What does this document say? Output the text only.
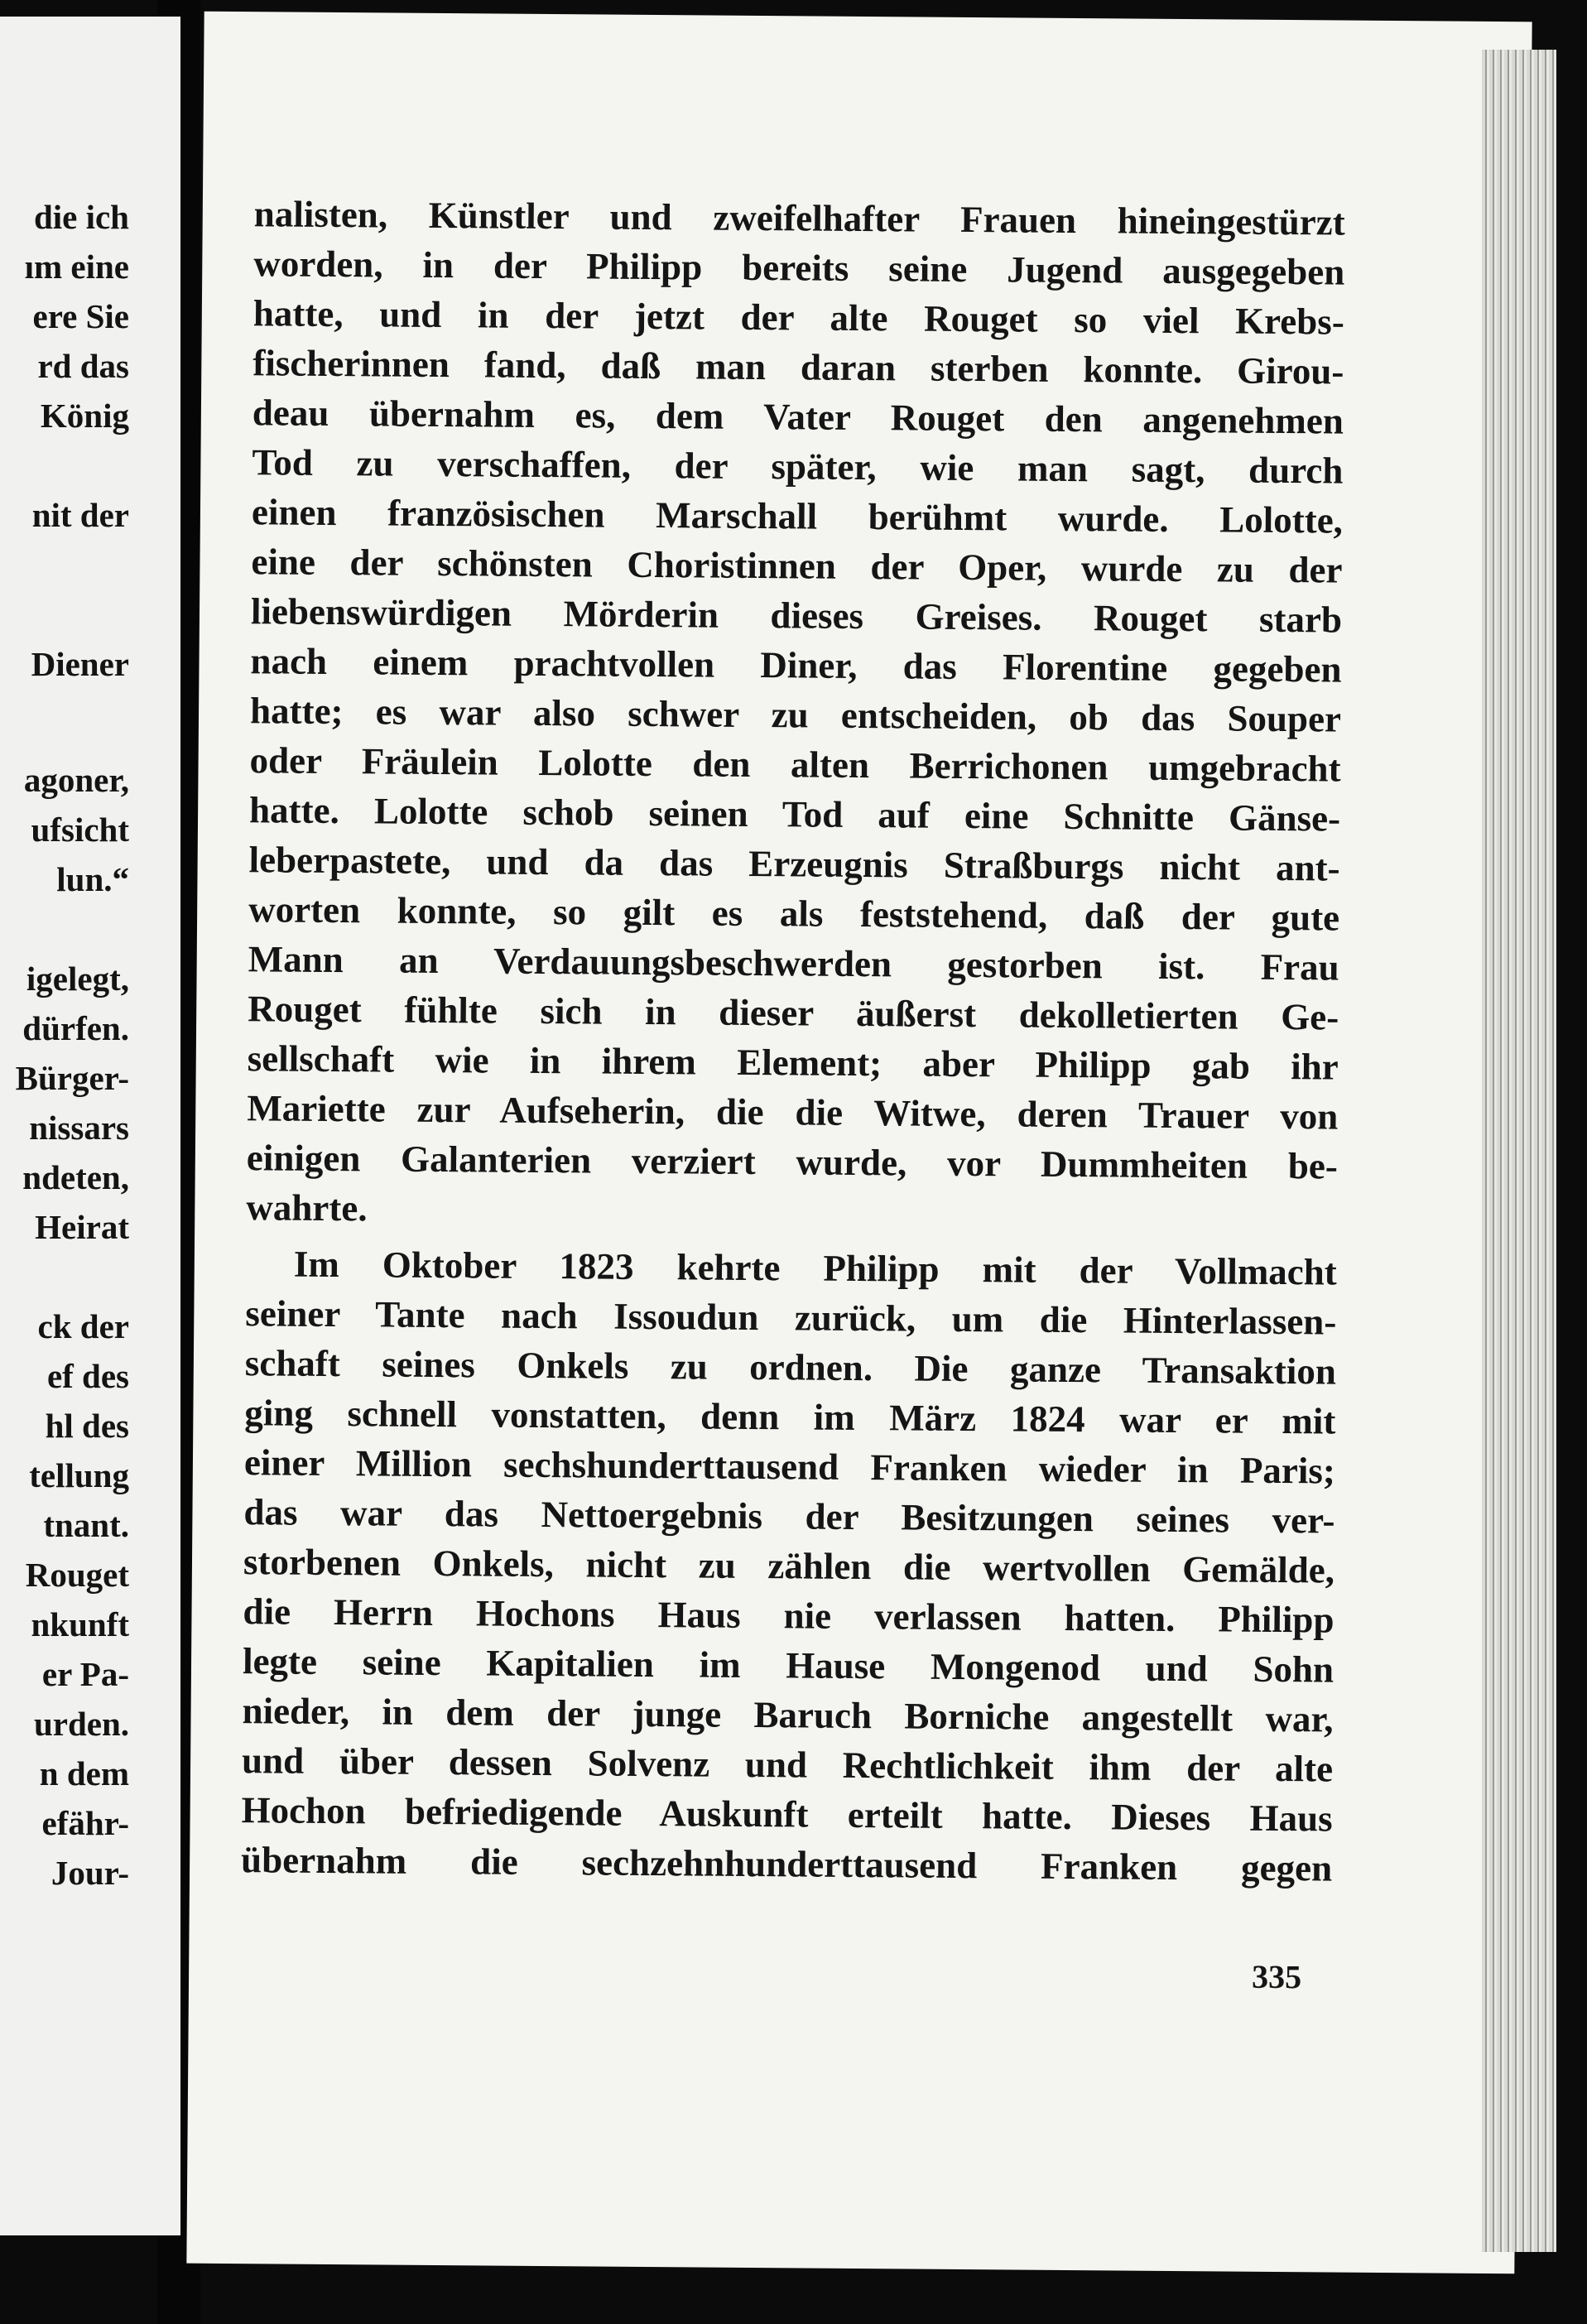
die ich
ım eine
ere Sie
rd das
König
nit der
Diener
agoner,
ufsicht
lun.“
igelegt,
dürfen.
Bürger-
nissars
ndeten,
Heirat
ck der
ef des
hl des
tellung
tnant.
Rouget
nkunft
er Pa-
urden.
n dem
efähr-
Jour-
nalisten, Künstler und zweifelhafter Frauen hineingestürzt
worden, in der Philipp bereits seine Jugend ausgegeben
hatte, und in der jetzt der alte Rouget so viel Krebs-
fischerinnen fand, daß man daran sterben konnte. Girou-
deau übernahm es, dem Vater Rouget den angenehmen
Tod zu verschaffen, der später, wie man sagt, durch
einen französischen Marschall berühmt wurde. Lolotte,
eine der schönsten Choristinnen der Oper, wurde zu der
liebenswürdigen Mörderin dieses Greises. Rouget starb
nach einem prachtvollen Diner, das Florentine gegeben
hatte; es war also schwer zu entscheiden, ob das Souper
oder Fräulein Lolotte den alten Berrichonen umgebracht
hatte. Lolotte schob seinen Tod auf eine Schnitte Gänse-
leberpastete, und da das Erzeugnis Straßburgs nicht ant-
worten konnte, so gilt es als feststehend, daß der gute
Mann an Verdauungsbeschwerden gestorben ist. Frau
Rouget fühlte sich in dieser äußerst dekolletierten Ge-
sellschaft wie in ihrem Element; aber Philipp gab ihr
Mariette zur Aufseherin, die die Witwe, deren Trauer von
einigen Galanterien verziert wurde, vor Dummheiten be-
wahrte.
Im Oktober 1823 kehrte Philipp mit der Vollmacht
seiner Tante nach Issoudun zurück, um die Hinterlassen-
schaft seines Onkels zu ordnen. Die ganze Transaktion
ging schnell vonstatten, denn im März 1824 war er mit
einer Million sechshunderttausend Franken wieder in Paris;
das war das Nettoergebnis der Besitzungen seines ver-
storbenen Onkels, nicht zu zählen die wertvollen Gemälde,
die Herrn Hochons Haus nie verlassen hatten. Philipp
legte seine Kapitalien im Hause Mongenod und Sohn
nieder, in dem der junge Baruch Borniche angestellt war,
und über dessen Solvenz und Rechtlichkeit ihm der alte
Hochon befriedigende Auskunft erteilt hatte. Dieses Haus
übernahm die sechzehnhunderttausend Franken gegen
335
